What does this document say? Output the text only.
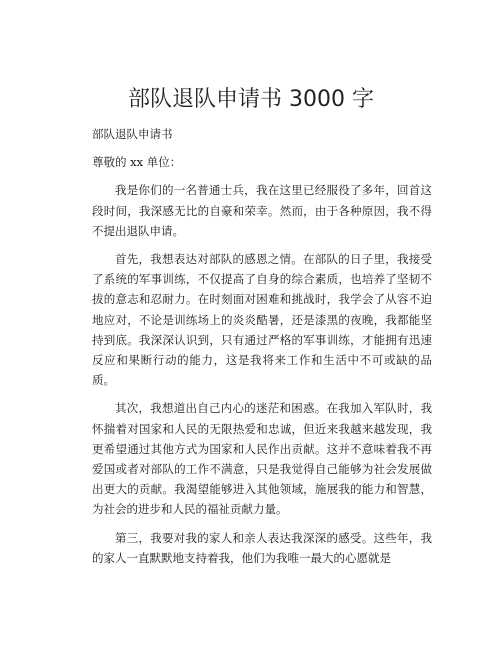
部队退队申请书 3000 字

部队退队申请书

尊敬的 xx 单位：

我是你们的一名普通士兵，我在这里已经服役了多年，回首这段时间，我深感无比的自豪和荣幸。然而，由于各种原因，我不得不提出退队申请。

首先，我想表达对部队的感恩之情。在部队的日子里，我接受了系统的军事训练，不仅提高了自身的综合素质，也培养了坚韧不拔的意志和忍耐力。在时刻面对困难和挑战时，我学会了从容不迫地应对，不论是训练场上的炎炎酷暑，还是漆黑的夜晚，我都能坚持到底。我深深认识到，只有通过严格的军事训练，才能拥有迅速反应和果断行动的能力，这是我将来工作和生活中不可或缺的品质。

其次，我想道出自己内心的迷茫和困惑。在我加入军队时，我怀揣着对国家和人民的无限热爱和忠诚，但近来我越来越发现，我更希望通过其他方式为国家和人民作出贡献。这并不意味着我不再爱国或者对部队的工作不满意，只是我觉得自己能够为社会发展做出更大的贡献。我渴望能够进入其他领域，施展我的能力和智慧，为社会的进步和人民的福祉贡献力量。

第三，我要对我的家人和亲人表达我深深的感受。这些年，我的家人一直默默地支持着我，他们为我唯一最大的心愿就是
